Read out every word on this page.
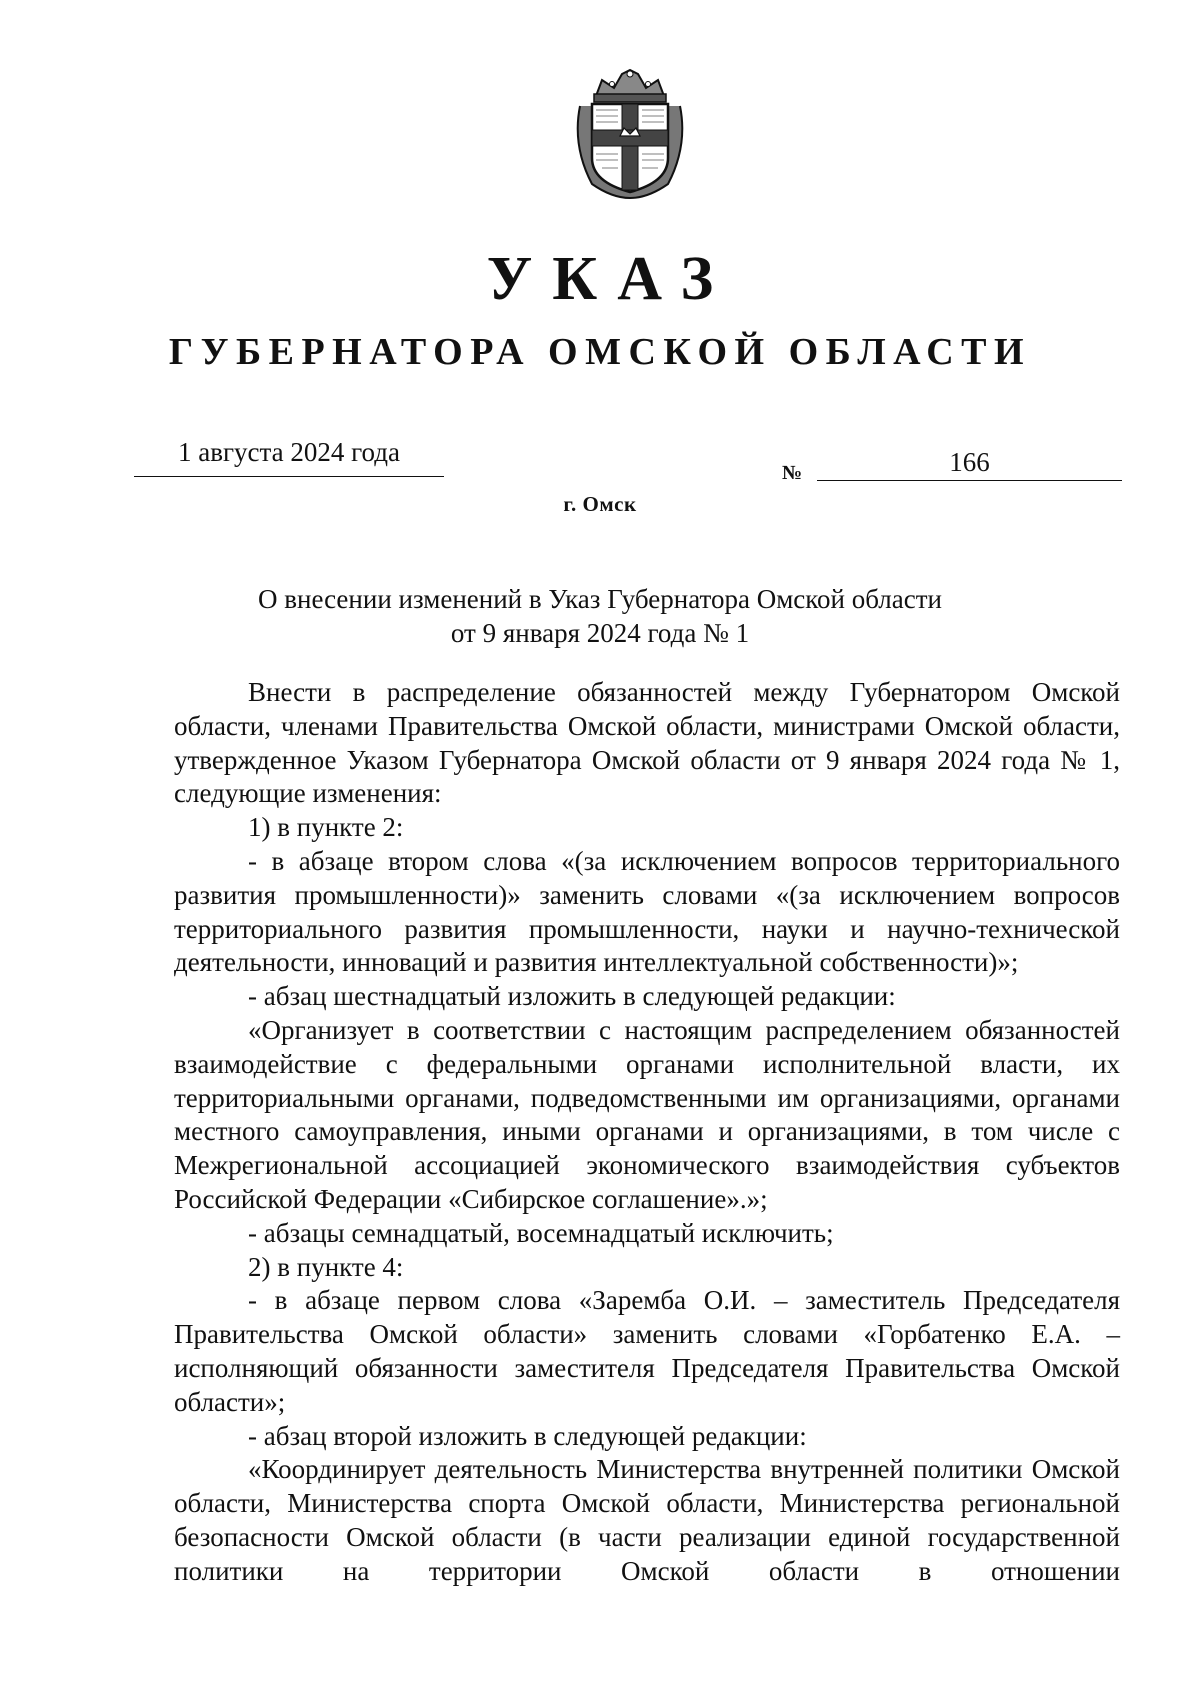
УКАЗ
ГУБЕРНАТОРА ОМСКОЙ ОБЛАСТИ
1 августа 2024 года
№	166
г. Омск
О внесении изменений в Указ Губернатора Омской области
от 9 января 2024 года № 1

Внести в распределение обязанностей между Губернатором Омской области, членами Правительства Омской области, министрами Омской области, утвержденное Указом Губернатора Омской области от 9 января 2024 года № 1, следующие изменения:

1) в пункте 2:

- в абзаце втором слова «(за исключением вопросов территориального развития промышленности)» заменить словами «(за исключением вопросов территориального развития промышленности, науки и научно-технической деятельности, инноваций и развития интеллектуальной собственности)»;

- абзац шестнадцатый изложить в следующей редакции:

«Организует в соответствии с настоящим распределением обязанностей взаимодействие с федеральными органами исполнительной власти, их территориальными органами, подведомственными им организациями, органами местного самоуправления, иными органами и организациями, в том числе с Межрегиональной ассоциацией экономического взаимодействия субъектов Российской Федерации «Сибирское соглашение».»;

- абзацы семнадцатый, восемнадцатый исключить;

2) в пункте 4:

- в абзаце первом слова «Заремба О.И. – заместитель Председателя Правительства Омской области» заменить словами «Горбатенко Е.А. – исполняющий обязанности заместителя Председателя Правительства Омской области»;

- абзац второй изложить в следующей редакции:

«Координирует деятельность Министерства внутренней политики Омской области, Министерства спорта Омской области, Министерства региональной безопасности Омской области (в части реализации единой государственной политики на территории Омской области в отношении
